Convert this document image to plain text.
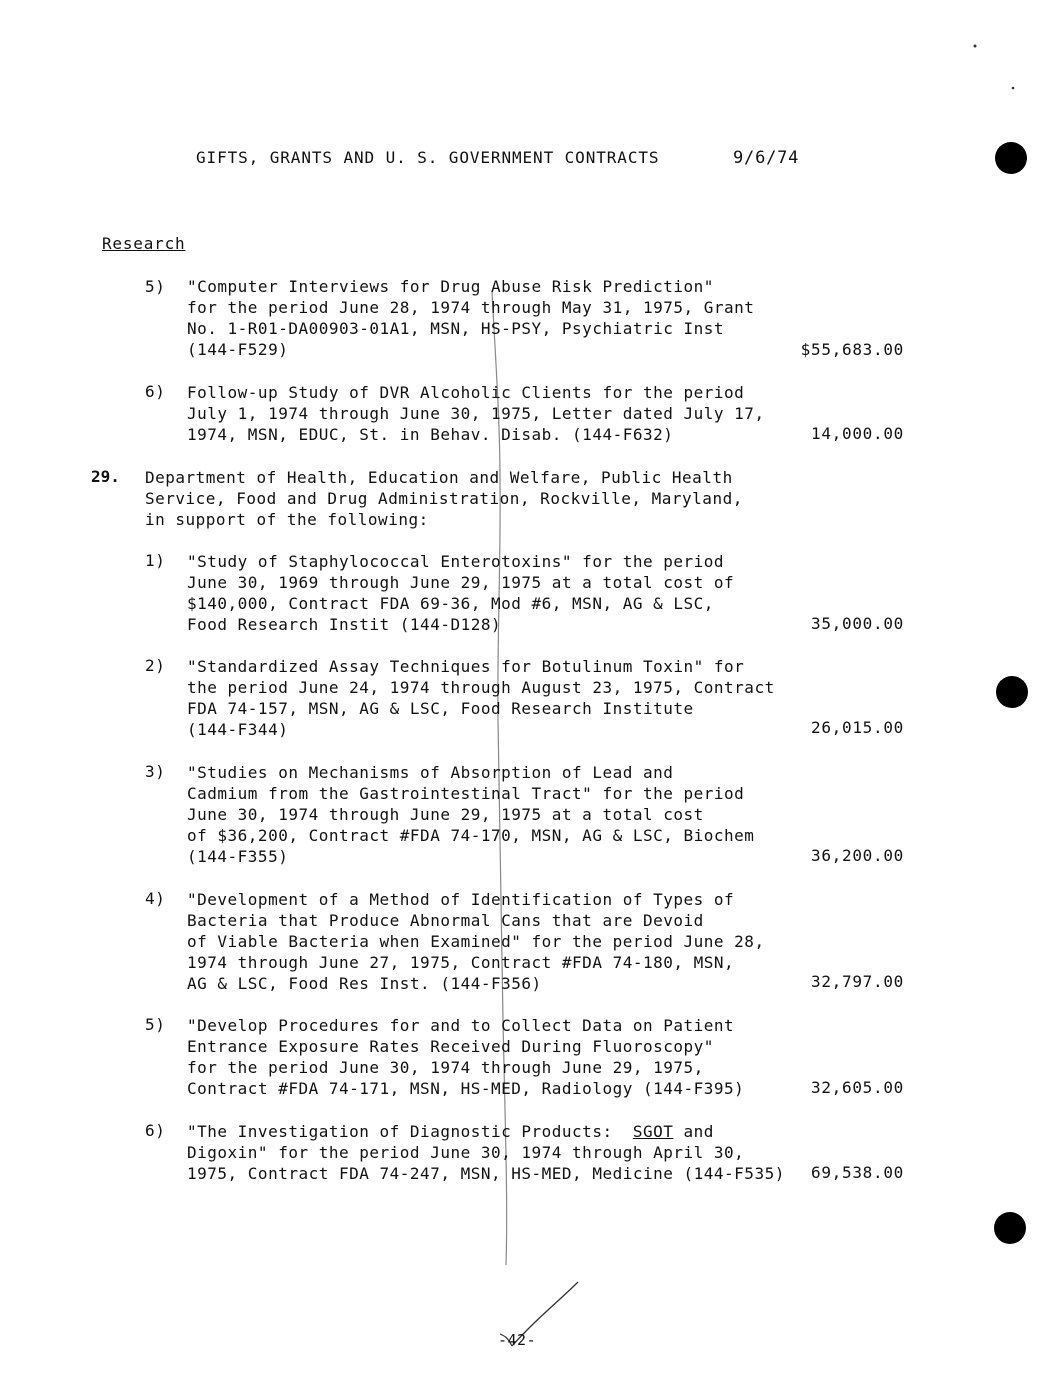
GIFTS, GRANTS AND U. S. GOVERNMENT CONTRACTS	9/6/74
Research
5) "Computer Interviews for Drug Abuse Risk Prediction"
for the period June 28, 1974 through May 31, 1975, Grant
No. 1-R01-DA00903-01A1, MSN, HS-PSY, Psychiatric Inst
(144-F529)	$55,683.00
6) Follow-up Study of DVR Alcoholic Clients for the period
July 1, 1974 through June 30, 1975, Letter dated July 17,
1974, MSN, EDUC, St. in Behav. Disab. (144-F632)	14,000.00
29. Department of Health, Education and Welfare, Public Health
Service, Food and Drug Administration, Rockville, Maryland,
in support of the following:
1) "Study of Staphylococcal Enterotoxins" for the period
June 30, 1969 through June 29, 1975 at a total cost of
$140,000, Contract FDA 69-36, Mod #6, MSN, AG & LSC,
Food Research Instit (144-D128)	35,000.00
2) "Standardized Assay Techniques for Botulinum Toxin" for
the period June 24, 1974 through August 23, 1975, Contract
FDA 74-157, MSN, AG & LSC, Food Research Institute
(144-F344)	26,015.00
3) "Studies on Mechanisms of Absorption of Lead and
Cadmium from the Gastrointestinal Tract" for the period
June 30, 1974 through June 29, 1975 at a total cost
of $36,200, Contract #FDA 74-170, MSN, AG & LSC, Biochem
(144-F355)	36,200.00
4) "Development of a Method of Identification of Types of
Bacteria that Produce Abnormal Cans that are Devoid
of Viable Bacteria when Examined" for the period June 28,
1974 through June 27, 1975, Contract #FDA 74-180, MSN,
AG & LSC, Food Res Inst. (144-F356)	32,797.00
5) "Develop Procedures for and to Collect Data on Patient
Entrance Exposure Rates Received During Fluoroscopy"
for the period June 30, 1974 through June 29, 1975,
Contract #FDA 74-171, MSN, HS-MED, Radiology (144-F395)	32,605.00
6) "The Investigation of Diagnostic Products:  SGOT and
Digoxin" for the period June 30, 1974 through April 30,
1975, Contract FDA 74-247, MSN, HS-MED, Medicine (144-F535)	69,538.00
-42-
